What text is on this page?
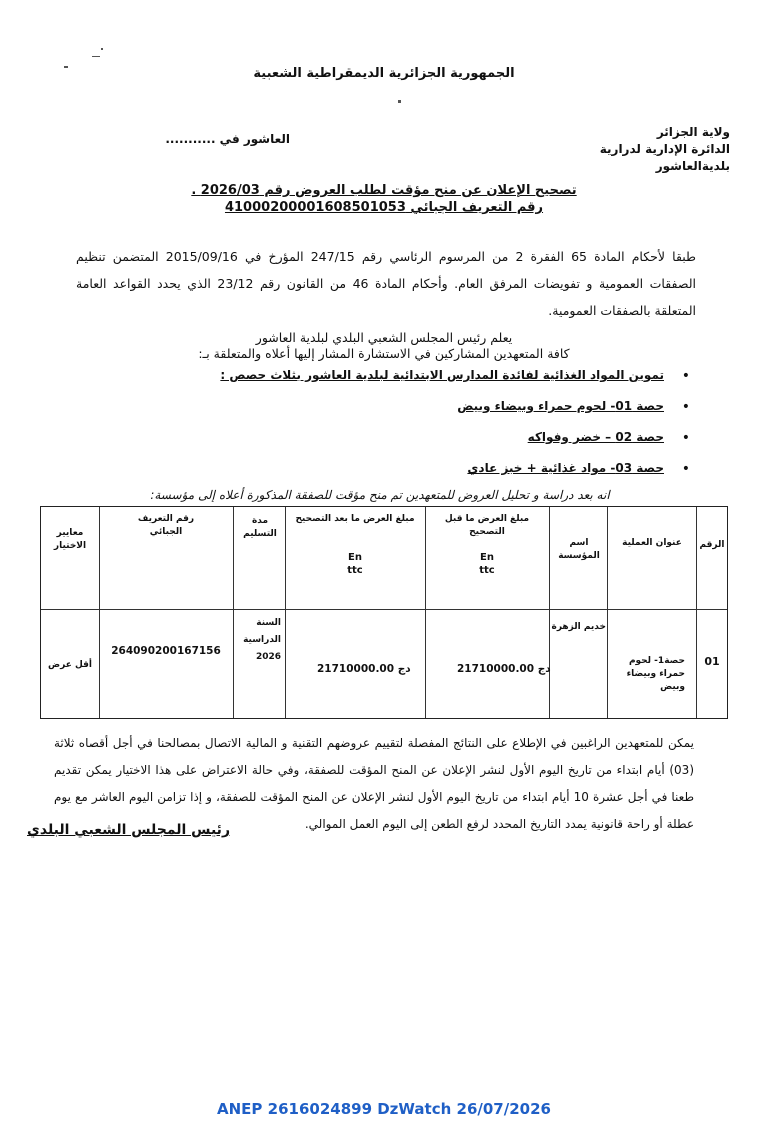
الجمهورية الجزائرية الديمقراطية الشعبية
العاشور في ...........	ولاية الجزائر
الدائرة الإدارية لدرارية
بلديةالعاشور
تصحيح الإعلان عن منح مؤقت لطلب العروض رقم 2026/03 .
رقم التعريف الجبائي 41000200001608501053
طبقا لأحكام المادة 65 الفقرة 2 من المرسوم الرئاسي رقم 247/15 المؤرخ في 2015/09/16 المتضمن تنظيم الصفقات العمومية و تفويضات المرفق العام. وأحكام المادة 46 من القانون رقم 23/12 الذي يحدد القواعد العامة المتعلقة بالصفقات العمومية.
يعلم رئيس المجلس الشعبي البلدي لبلدية العاشور
كافة المتعهدين المشاركين في الاستشارة المشار إليها أعلاه والمتعلقة بـ:
• تموين المواد الغذائية لفائدة المدارس الابتدائية لبلدية العاشور بثلاث حصص :
• حصة 01- لحوم حمراء وبيضاء وبيض
• حصة 02 – خضر وفواكه
• حصة 03- مواد غذائية + خبز عادي
انه بعد دراسة و تحليل العروض للمتعهدين تم منح مؤقت للصفقة المذكورة أعلاه إلى مؤسسة:
الرقم
عنوان العملية
اسم المؤسسة
مبلغ العرض ما قبل التصحيح
En
ttc
مبلغ العرض ما بعد التصحيح
En
ttc
مدة التسليم
رقم التعريف الجبائي
معايير الاختيار
01
حصة1- لحوم حمراء وبيضاء وبيض
خديم الزهرة
دج 21710000.00
دج 21710000.00
السنة الدراسية 2026
264090200167156
أقل عرض
يمكن للمتعهدين الراغبين في الإطلاع على النتائج المفصلة لتقييم عروضهم التقنية و المالية الاتصال بمصالحنا في أجل أقصاه ثلاثة (03) أيام ابتداء من تاريخ اليوم الأول لنشر الإعلان عن المنح المؤقت للصفقة، وفي حالة الاعتراض على هذا الاختيار يمكن تقديم طعنا في أجل عشرة 10 أيام ابتداء من تاريخ اليوم الأول لنشر الإعلان عن المنح المؤقت للصفقة، و إذا تزامن اليوم العاشر مع يوم عطلة أو راحة قانونية يمدد التاريخ المحدد لرفع الطعن إلى اليوم العمل الموالي.
رئيس المجلس الشعبي البلدي
ANEP 2616024899 DzWatch 26/07/2026
